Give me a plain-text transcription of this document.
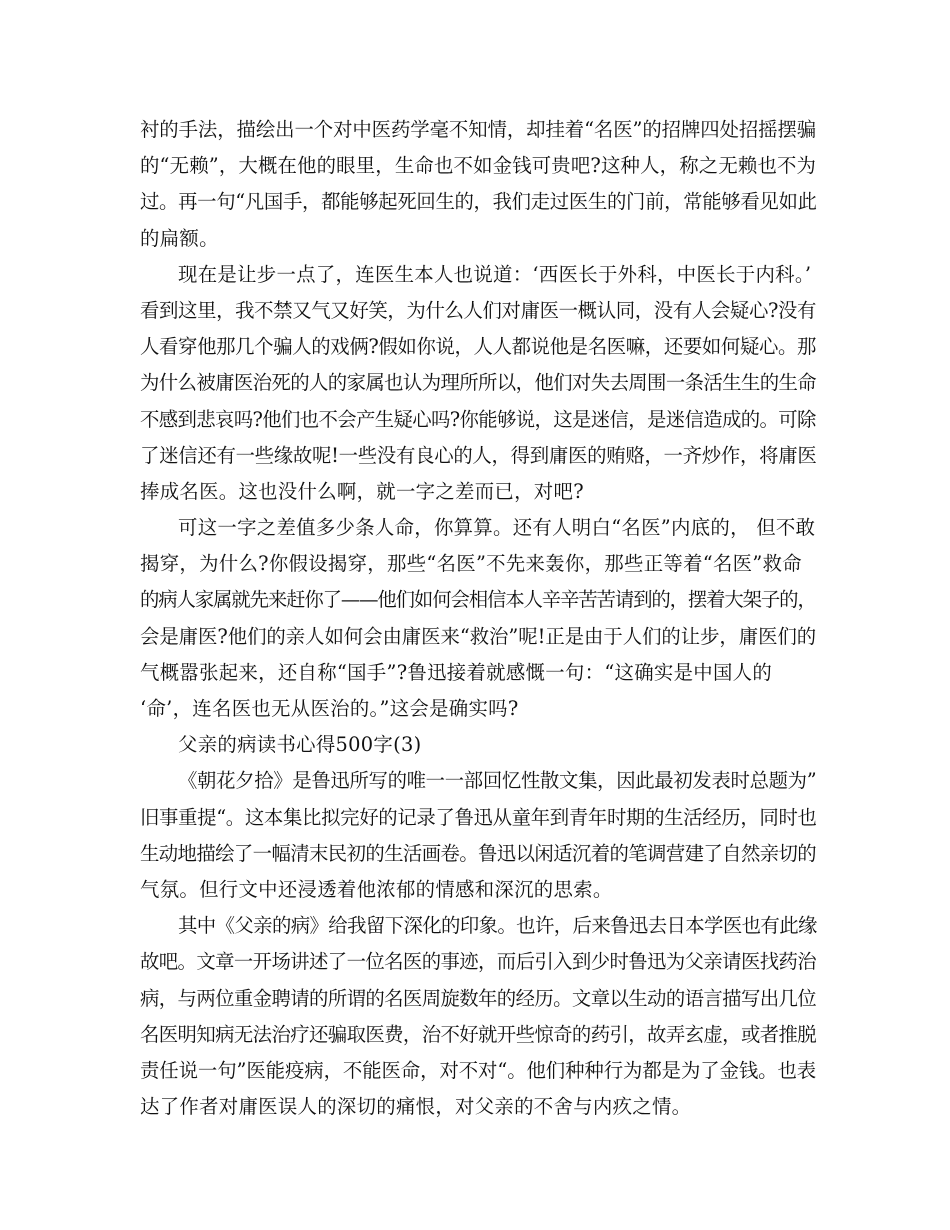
衬的手法，描绘出一个对中医药学毫不知情，却挂着“名医”的招牌四处招摇摆骗
的“无赖”，大概在他的眼里，生命也不如金钱可贵吧?这种人，称之无赖也不为
过。再一句“凡国手，都能够起死回生的，我们走过医生的门前，常能够看见如此
的扁额。
现在是让步一点了，连医生本人也说道：‘西医长于外科，中医长于内科。’
看到这里，我不禁又气又好笑，为什么人们对庸医一概认同，没有人会疑心?没有
人看穿他那几个骗人的戏俩?假如你说，人人都说他是名医嘛，还要如何疑心。那
为什么被庸医治死的人的家属也认为理所所以，他们对失去周围一条活生生的生命
不感到悲哀吗?他们也不会产生疑心吗?你能够说，这是迷信，是迷信造成的。可除
了迷信还有一些缘故呢!一些没有良心的人，得到庸医的贿赂，一齐炒作，将庸医
捧成名医。这也没什么啊，就一字之差而已，对吧?
可这一字之差值多少条人命，你算算。还有人明白“名医”内底的， 但不敢
揭穿，为什么?你假设揭穿，那些“名医”不先来轰你，那些正等着“名医”救命
的病人家属就先来赶你了——他们如何会相信本人辛辛苦苦请到的，摆着大架子的，
会是庸医?他们的亲人如何会由庸医来“救治”呢!正是由于人们的让步，庸医们的
气概嚣张起来，还自称“国手”?鲁迅接着就感慨一句：“这确实是中国人的
‘命’，连名医也无从医治的。”这会是确实吗?
父亲的病读书心得500字(3)
《朝花夕拾》是鲁迅所写的唯一一部回忆性散文集，因此最初发表时总题为”
旧事重提“。这本集比拟完好的记录了鲁迅从童年到青年时期的生活经历，同时也
生动地描绘了一幅清末民初的生活画卷。鲁迅以闲适沉着的笔调营建了自然亲切的
气氛。但行文中还浸透着他浓郁的情感和深沉的思索。
其中《父亲的病》给我留下深化的印象。也许，后来鲁迅去日本学医也有此缘
故吧。文章一开场讲述了一位名医的事迹，而后引入到少时鲁迅为父亲请医找药治
病，与两位重金聘请的所谓的名医周旋数年的经历。文章以生动的语言描写出几位
名医明知病无法治疗还骗取医费，治不好就开些惊奇的药引，故弄玄虚，或者推脱
责任说一句”医能疫病，不能医命，对不对“。他们种种行为都是为了金钱。也表
达了作者对庸医误人的深切的痛恨，对父亲的不舍与内疚之情。
